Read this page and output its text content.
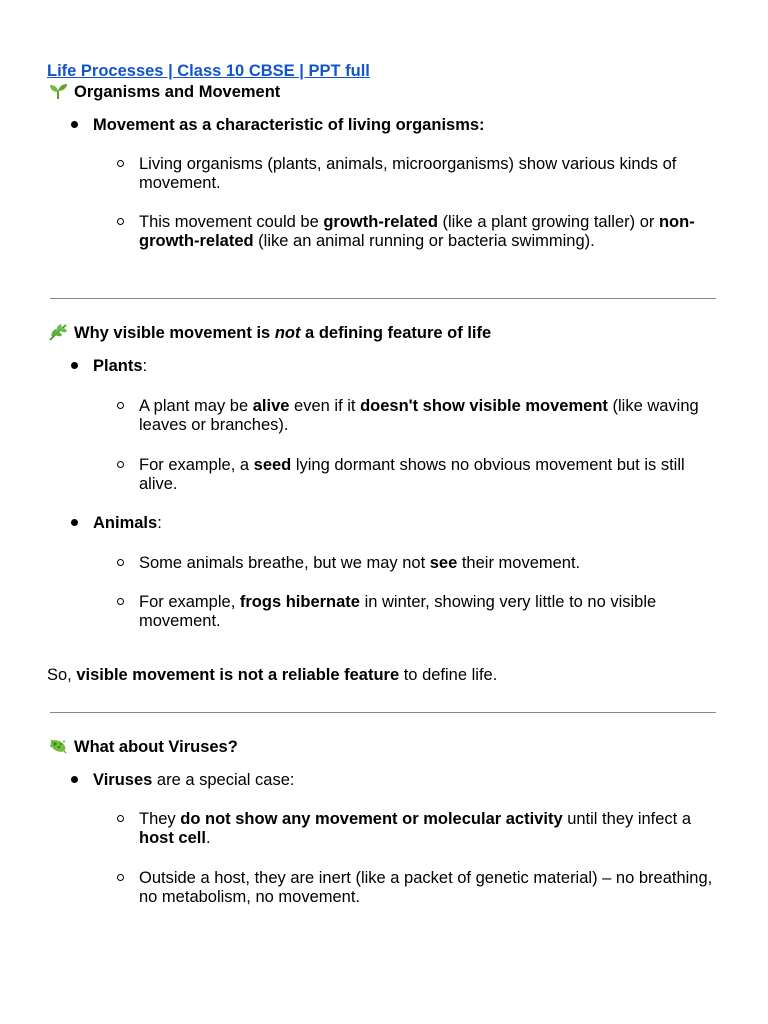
Life Processes | Class 10 CBSE | PPT full
Organisms and Movement
Movement as a characteristic of living organisms:
Living organisms (plants, animals, microorganisms) show various kinds of movement.
This movement could be growth-related (like a plant growing taller) or non-growth-related (like an animal running or bacteria swimming).
Why visible movement is not a defining feature of life
Plants:
A plant may be alive even if it doesn't show visible movement (like waving leaves or branches).
For example, a seed lying dormant shows no obvious movement but is still alive.
Animals:
Some animals breathe, but we may not see their movement.
For example, frogs hibernate in winter, showing very little to no visible movement.
So, visible movement is not a reliable feature to define life.
What about Viruses?
Viruses are a special case:
They do not show any movement or molecular activity until they infect a host cell.
Outside a host, they are inert (like a packet of genetic material) – no breathing, no metabolism, no movement.
